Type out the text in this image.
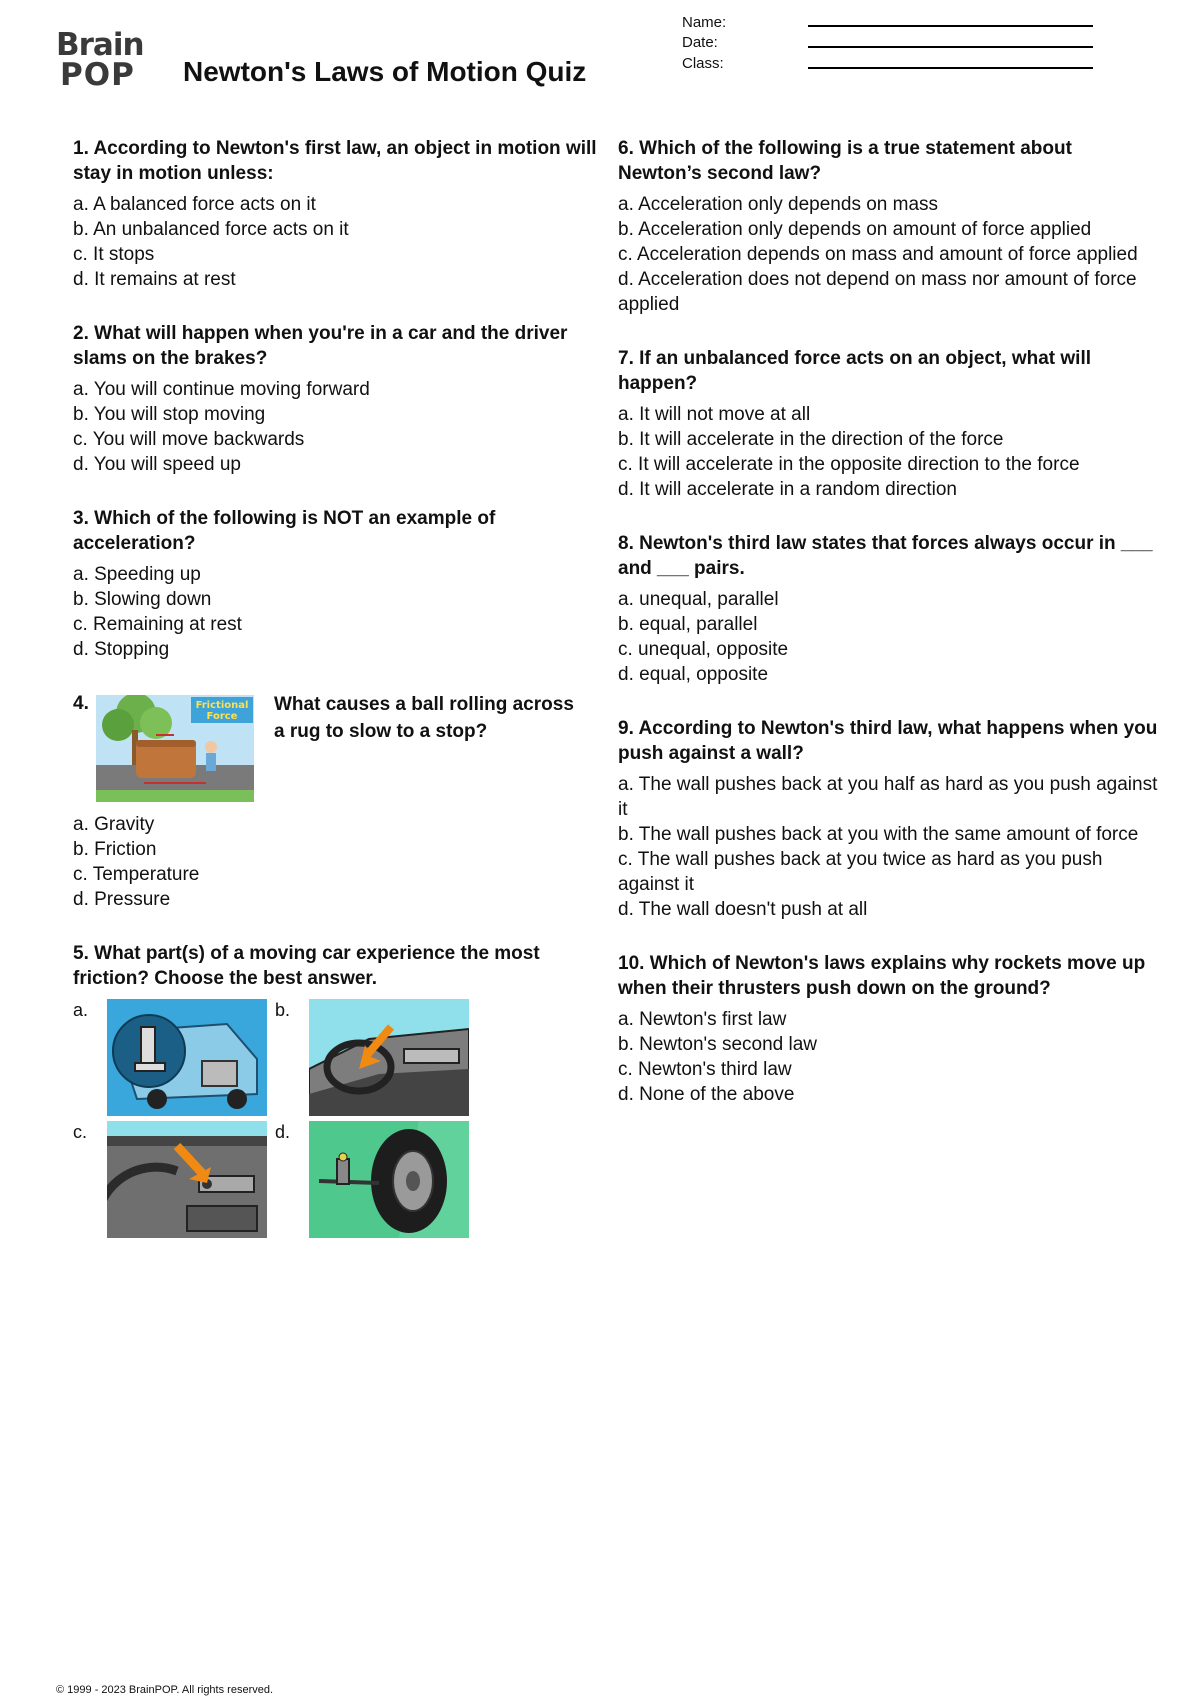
Brain
POP	Newton's Laws of Motion Quiz
Name:
Date:
Class:

1. According to Newton's first law, an object in motion will stay in motion unless:

a. A balanced force acts on it

b. An unbalanced force acts on it

c. It stops

d. It remains at rest

2. What will happen when you're in a car and the driver slams on the brakes?

a. You will continue moving forward

b. You will stop moving

c. You will move backwards

d. You will speed up

3. Which of the following is NOT an example of acceleration?

a. Speeding up

b. Slowing down

c. Remaining at rest

d. Stopping

4.	Frictional
Force
What causes a ball rolling across a rug to slow to a stop?

a. Gravity

b. Friction

c. Temperature

d. Pressure

5. What part(s) of a moving car experience the most friction? Choose the best answer.

a.	b.
c.	d.

6. Which of the following is a true statement about Newton’s second law?

a. Acceleration only depends on mass

b. Acceleration only depends on amount of force applied

c. Acceleration depends on mass and amount of force applied

d. Acceleration does not depend on mass nor amount of force applied

7. If an unbalanced force acts on an object, what will happen?

a. It will not move at all

b. It will accelerate in the direction of the force

c. It will accelerate in the opposite direction to the force

d. It will accelerate in a random direction

8. Newton's third law states that forces always occur in ___ and ___ pairs.

a. unequal, parallel

b. equal, parallel

c. unequal, opposite

d. equal, opposite

9. According to Newton's third law, what happens when you push against a wall?

a. The wall pushes back at you half as hard as you push against it

b. The wall pushes back at you with the same amount of force

c. The wall pushes back at you twice as hard as you push against it

d. The wall doesn't push at all

10. Which of Newton's laws explains why rockets move up when their thrusters push down on the ground?

a. Newton's first law

b. Newton's second law

c. Newton's third law

d. None of the above

© 1999 - 2023 BrainPOP. All rights reserved.
